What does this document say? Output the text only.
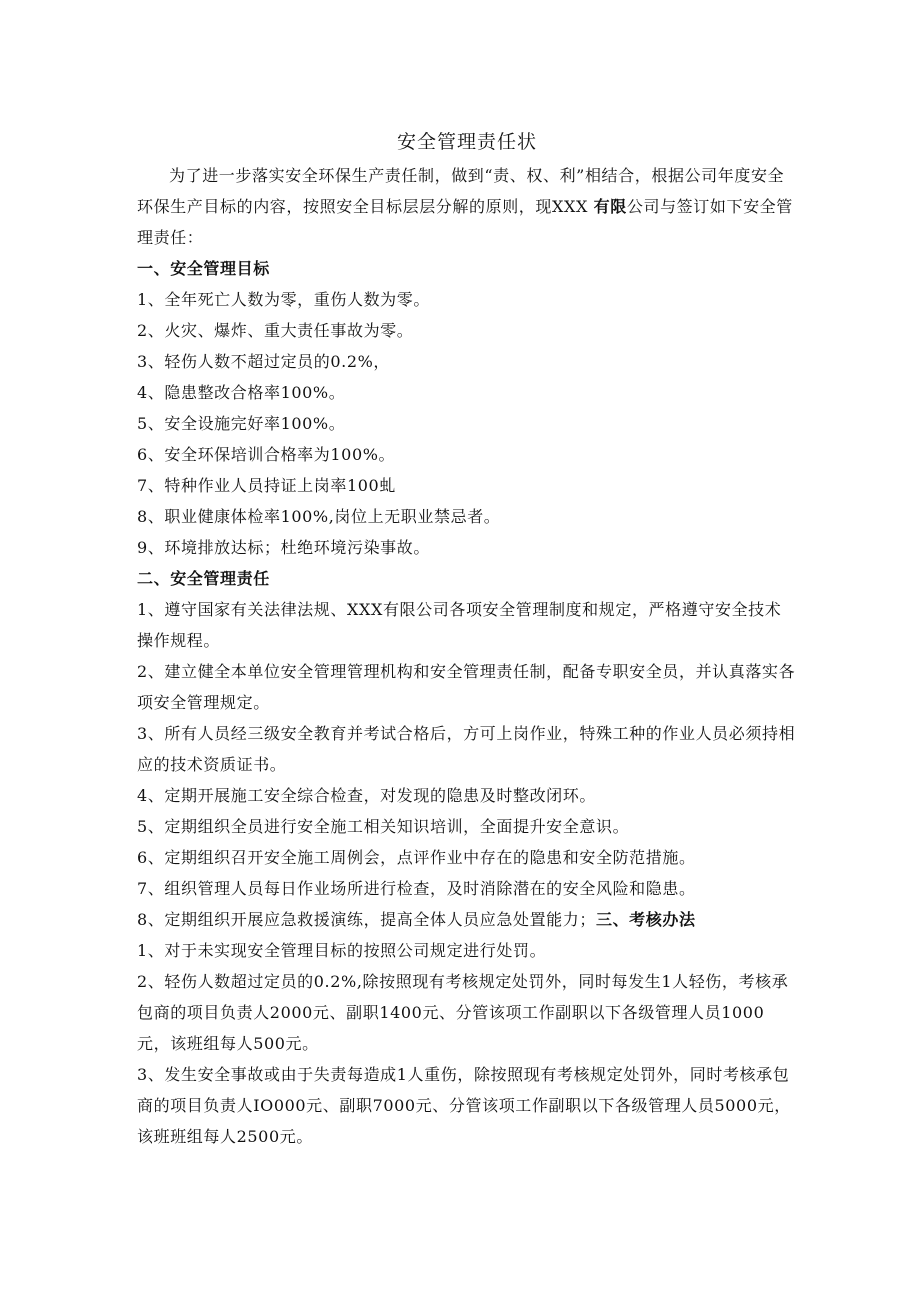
安全管理责任状

为了进一步落实安全环保生产责任制，做到“责、权、利”相结合，根据公司年度安全环保生产目标的内容，按照安全目标层层分解的原则，现XXX 有限公司与签订如下安全管理责任：

一、安全管理目标

1、全年死亡人数为零，重伤人数为零。

2、火灾、爆炸、重大责任事故为零。

3、轻伤人数不超过定员的0.2%，

4、隐患整改合格率100%。

5、安全设施完好率100%。

6、安全环保培训合格率为100%。

7、特种作业人员持证上岗率100虬

8、职业健康体检率100%,岗位上无职业禁忌者。

9、环境排放达标；杜绝环境污染事故。

二、安全管理责任

1、遵守国家有关法律法规、XXX有限公司各项安全管理制度和规定，严格遵守安全技术操作规程。

2、建立健全本单位安全管理管理机构和安全管理责任制，配备专职安全员，并认真落实各项安全管理规定。

3、所有人员经三级安全教育并考试合格后，方可上岗作业，特殊工种的作业人员必须持相应的技术资质证书。

4、定期开展施工安全综合检查，对发现的隐患及时整改闭环。

5、定期组织全员进行安全施工相关知识培训，全面提升安全意识。

6、定期组织召开安全施工周例会，点评作业中存在的隐患和安全防范措施。

7、组织管理人员每日作业场所进行检查，及时消除潜在的安全风险和隐患。

8、定期组织开展应急救援演练，提高全体人员应急处置能力；三、考核办法

1、对于未实现安全管理目标的按照公司规定进行处罚。

2、轻伤人数超过定员的0.2%,除按照现有考核规定处罚外，同时每发生1人轻伤，考核承包商的项目负责人2000元、副职1400元、分管该项工作副职以下各级管理人员1000元，该班组每人500元。

3、发生安全事故或由于失责每造成1人重伤，除按照现有考核规定处罚外，同时考核承包商的项目负责人IO000元、副职7000元、分管该项工作副职以下各级管理人员5000元，该班班组每人2500元。
